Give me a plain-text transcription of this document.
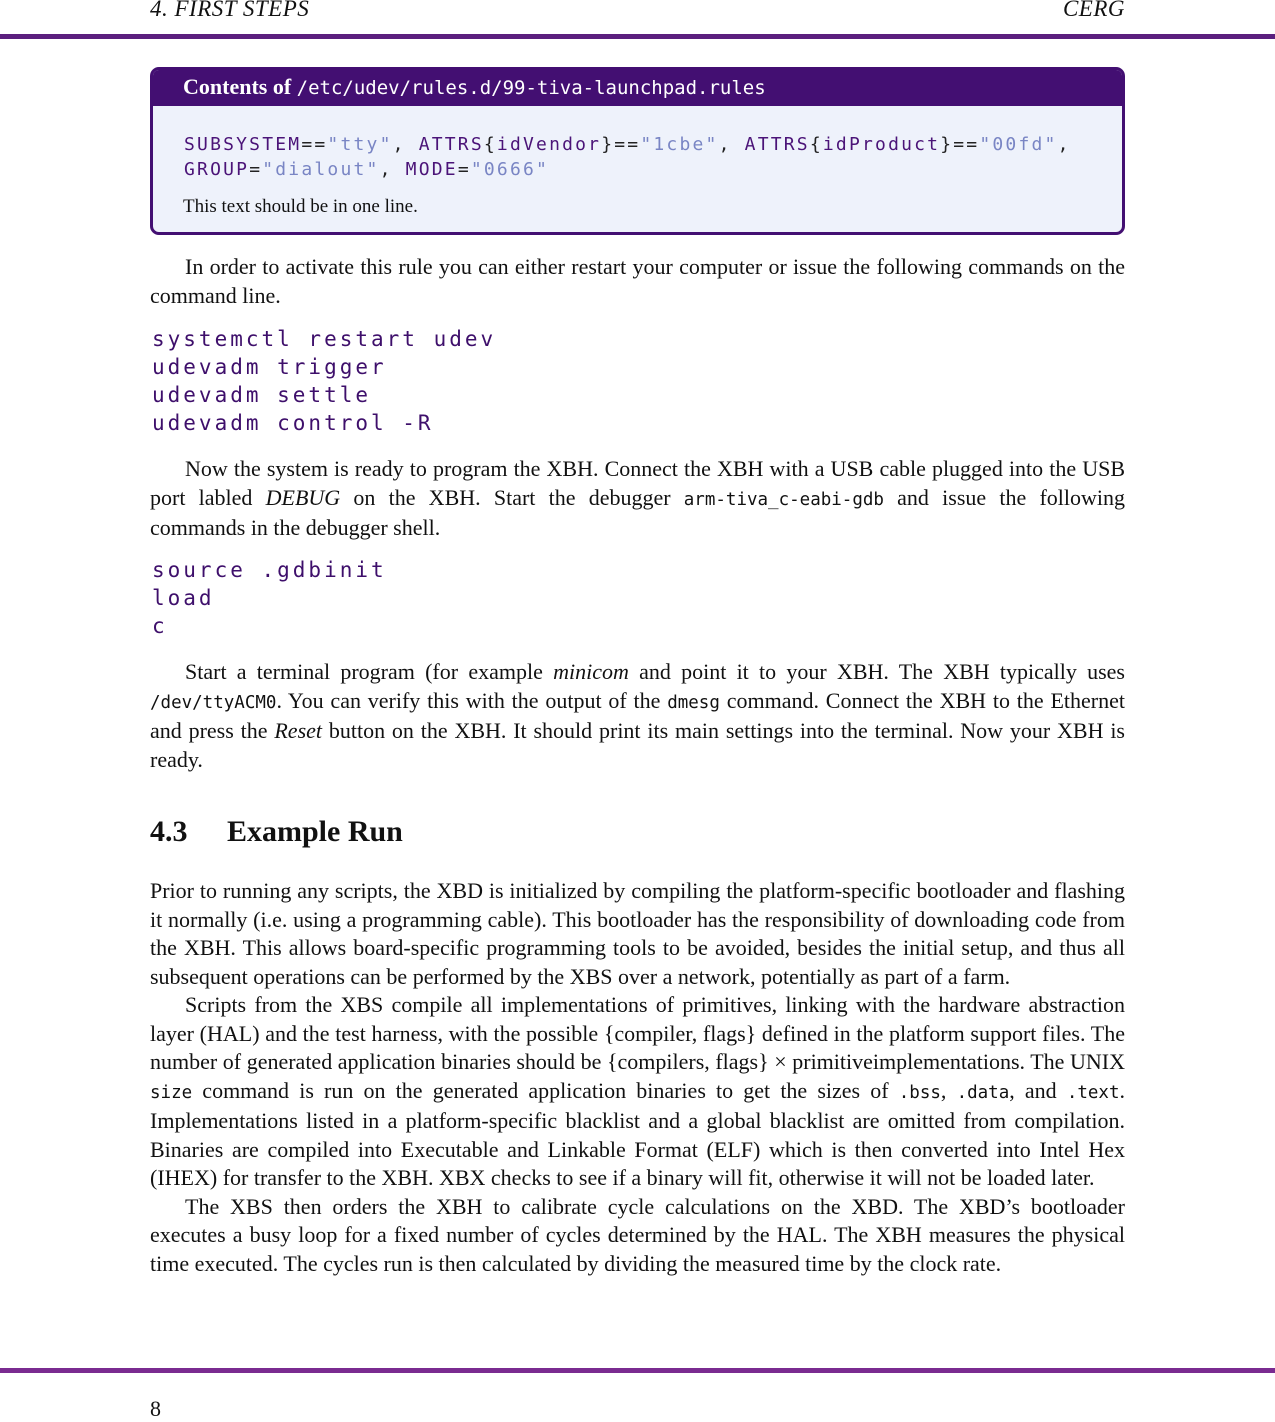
4. FIRST STEPS	CERG
Contents of /etc/udev/rules.d/99-tiva-launchpad.rules
SUBSYSTEM=="tty", ATTRS{idVendor}=="1cbe", ATTRS{idProduct}=="00fd",
GROUP="dialout", MODE="0666"
This text should be in one line.

In order to activate this rule you can either restart your computer or issue the following commands on the command line.

systemctl restart udev
udevadm trigger
udevadm settle
udevadm control -R

Now the system is ready to program the XBH. Connect the XBH with a USB cable plugged into the USB port labled DEBUG on the XBH. Start the debugger arm-tiva_c-eabi-gdb and issue the following commands in the debugger shell.

source .gdbinit
load
c

Start a terminal program (for example minicom and point it to your XBH. The XBH typically uses /dev/ttyACM0. You can verify this with the output of the dmesg command. Connect the XBH to the Ethernet and press the Reset button on the XBH. It should print its main settings into the terminal. Now your XBH is ready.

4.3 Example Run

Prior to running any scripts, the XBD is initialized by compiling the platform-specific bootloader and flashing it normally (i.e. using a programming cable). This bootloader has the responsibility of downloading code from the XBH. This allows board-specific programming tools to be avoided, besides the initial setup, and thus all subsequent operations can be performed by the XBS over a network, potentially as part of a farm.

Scripts from the XBS compile all implementations of primitives, linking with the hardware abstraction layer (HAL) and the test harness, with the possible {compiler, flags} defined in the platform support files. The number of generated application binaries should be {compilers, flags} × primitiveimplementations. The UNIX size command is run on the generated application binaries to get the sizes of .bss, .data, and .text. Implementations listed in a platform-specific blacklist and a global blacklist are omitted from compilation. Binaries are compiled into Executable and Linkable Format (ELF) which is then converted into Intel Hex (IHEX) for transfer to the XBH. XBX checks to see if a binary will fit, otherwise it will not be loaded later.

The XBS then orders the XBH to calibrate cycle calculations on the XBD. The XBD’s bootloader executes a busy loop for a fixed number of cycles determined by the HAL. The XBH measures the physical time executed. The cycles run is then calculated by dividing the measured time by the clock rate.

8
